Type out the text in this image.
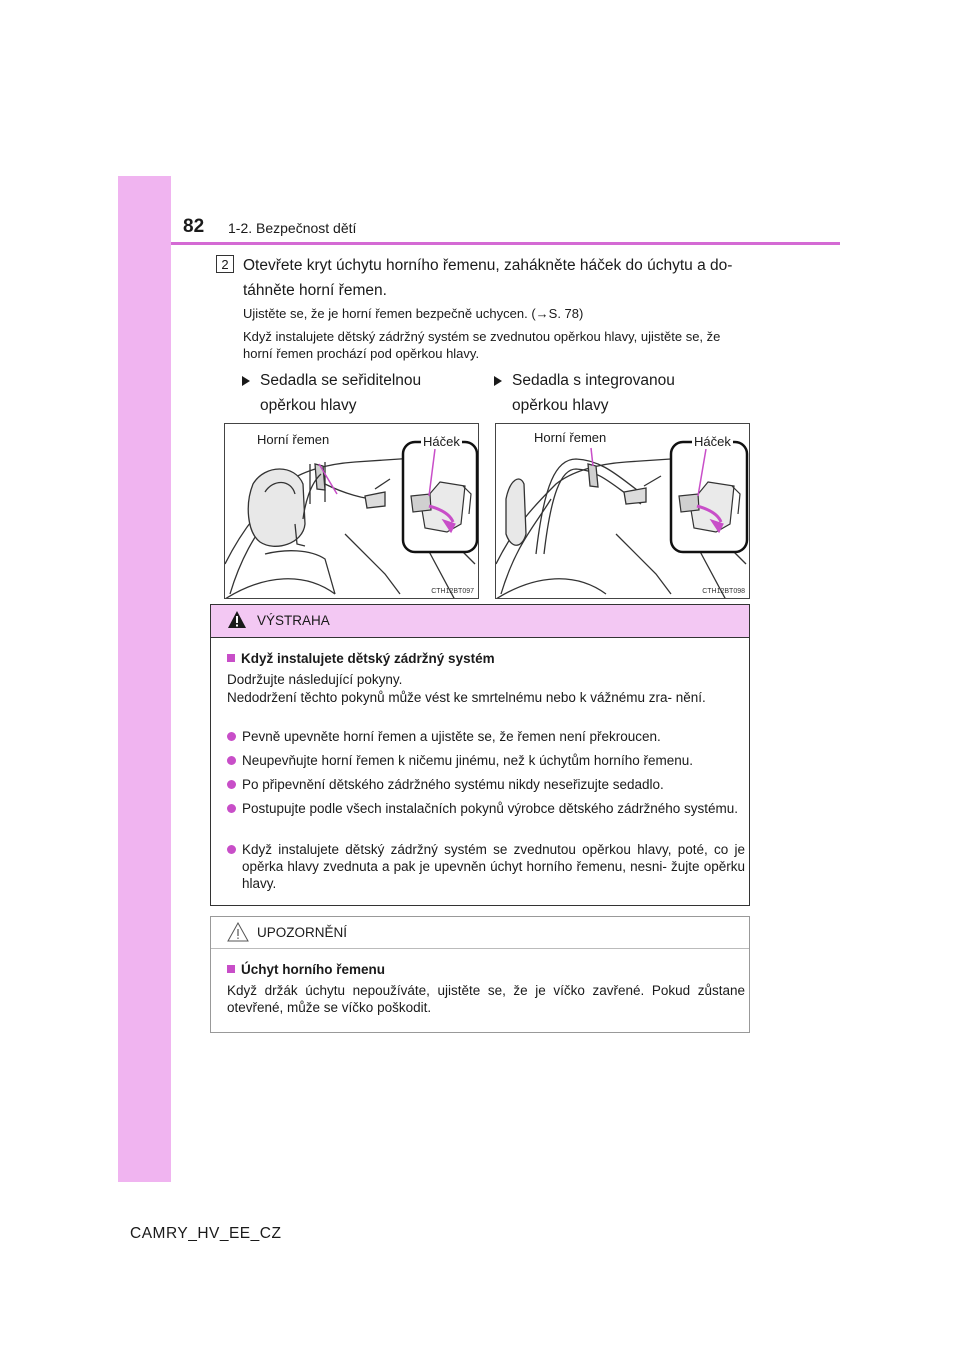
82 1-2. Bezpečnost dětí
2 Otevřete kryt úchytu horního řemenu, zahákněte háček do úchytu a do- táhněte horní řemen.
Ujistěte se, že je horní řemen bezpečně uchycen. (→S. 78)
Když instalujete dětský zádržný systém se zvednutou opěrkou hlavy, ujistěte se, že horní řemen prochází pod opěrkou hlavy.
Sedadla se seřiditelnou opěrkou hlavy
Sedadla s integrovanou opěrkou hlavy
Horní řemen	Háček
CTH12BT097
Horní řemen	Háček
CTH12BT098
VÝSTRAHA
Když instalujete dětský zádržný systém
Dodržujte následující pokyny.
Nedodržení těchto pokynů může vést ke smrtelnému nebo k vážnému zra- nění.
Pevně upevněte horní řemen a ujistěte se, že řemen není překroucen.
Neupevňujte horní řemen k ničemu jinému, než k úchytům horního řemenu.
Po připevnění dětského zádržného systému nikdy neseřizujte sedadlo.
Postupujte podle všech instalačních pokynů výrobce dětského zádržného systému.
Když instalujete dětský zádržný systém se zvednutou opěrkou hlavy, poté, co je opěrka hlavy zvednuta a pak je upevněn úchyt horního řemenu, nesni- žujte opěrku hlavy.
UPOZORNĚNÍ
Úchyt horního řemenu
Když držák úchytu nepoužíváte, ujistěte se, že je víčko zavřené. Pokud zůstane otevřené, může se víčko poškodit.
CAMRY_HV_EE_CZ
